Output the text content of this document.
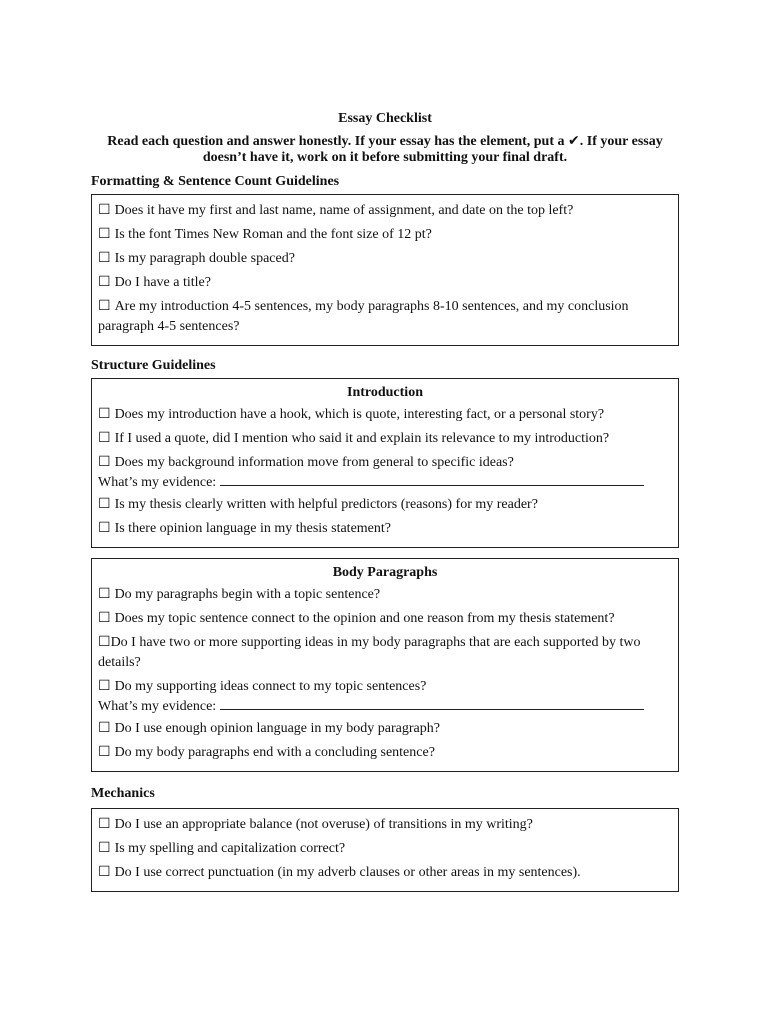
Essay Checklist
Read each question and answer honestly. If your essay has the element, put a ✔. If your essay doesn’t have it, work on it before submitting your final draft.
Formatting & Sentence Count Guidelines
☐ Does it have my first and last name, name of assignment, and date on the top left?
☐ Is the font Times New Roman and the font size of 12 pt?
☐ Is my paragraph double spaced?
☐ Do I have a title?
☐ Are my introduction 4-5 sentences, my body paragraphs 8-10 sentences, and my conclusion paragraph 4-5 sentences?
Structure Guidelines
Introduction
☐ Does my introduction have a hook, which is quote, interesting fact, or a personal story?
☐ If I used a quote, did I mention who said it and explain its relevance to my introduction?
☐ Does my background information move from general to specific ideas?
What’s my evidence:
☐ Is my thesis clearly written with helpful predictors (reasons) for my reader?
☐ Is there opinion language in my thesis statement?
Body Paragraphs
☐ Do my paragraphs begin with a topic sentence?
☐ Does my topic sentence connect to the opinion and one reason from my thesis statement?
☐Do I have two or more supporting ideas in my body paragraphs that are each supported by two details?
☐ Do my supporting ideas connect to my topic sentences?
What’s my evidence:
☐ Do I use enough opinion language in my body paragraph?
☐ Do my body paragraphs end with a concluding sentence?
Mechanics
☐ Do I use an appropriate balance (not overuse) of transitions in my writing?
☐ Is my spelling and capitalization correct?
☐ Do I use correct punctuation (in my adverb clauses or other areas in my sentences).
